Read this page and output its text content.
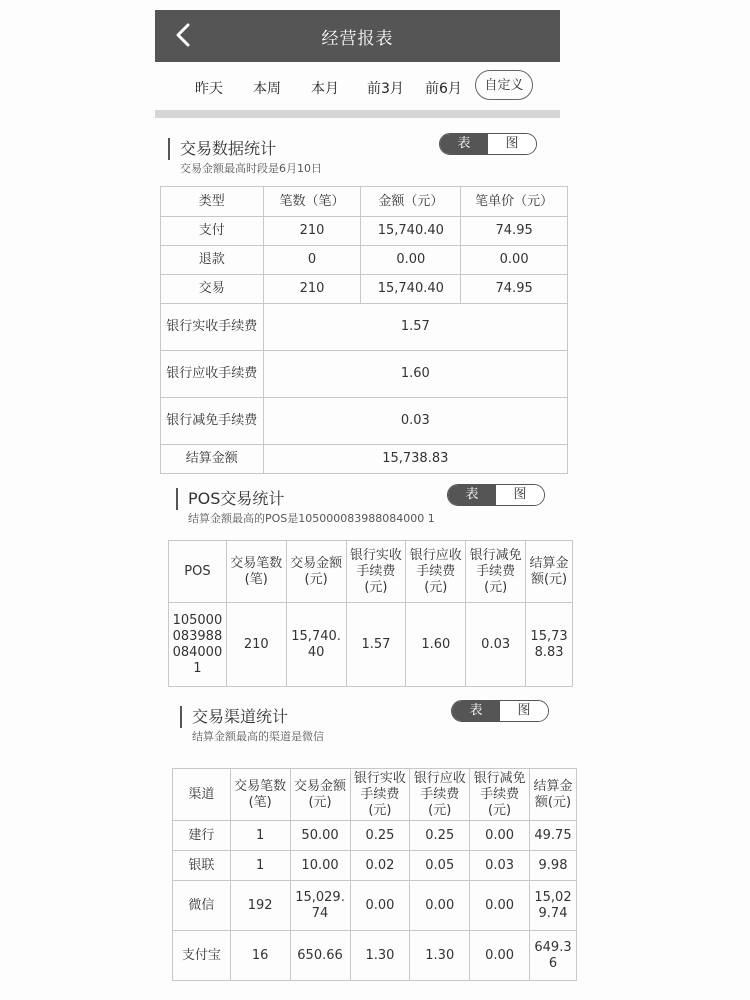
经营报表
昨天 本周 本月 前3月 前6月	自定义
交易数据统计
交易金额最高时段是6月10日
表	图
类型	笔数（笔）	金额（元）	笔单价（元）
支付	210	15,740.40	74.95
退款	0	0.00	0.00
交易	210	15,740.40	74.95
银行实收手续费	1.57		
银行应收手续费	1.60		
银行减免手续费	0.03		
结算金额	15,738.83		
POS交易统计
结算金额最高的POS是105000083988084000 1
表	图
POS	交易笔数(笔)	交易金额(元)	银行实收手续费(元)	银行应收手续费(元)	银行减免手续费(元)	结算金额(元)
1050000839880840001	210	15,740.40	1.57	1.60	0.03	15,738.83
交易渠道统计
结算金额最高的渠道是微信
表	图
渠道	交易笔数(笔)	交易金额(元)	银行实收手续费(元)	银行应收手续费(元)	银行减免手续费(元)	结算金额(元)
建行	1	50.00	0.25	0.25	0.00	49.75
银联	1	10.00	0.02	0.05	0.03	9.98
微信	192	15,029.74	0.00	0.00	0.00	15,029.74
支付宝	16	650.66	1.30	1.30	0.00	649.36
